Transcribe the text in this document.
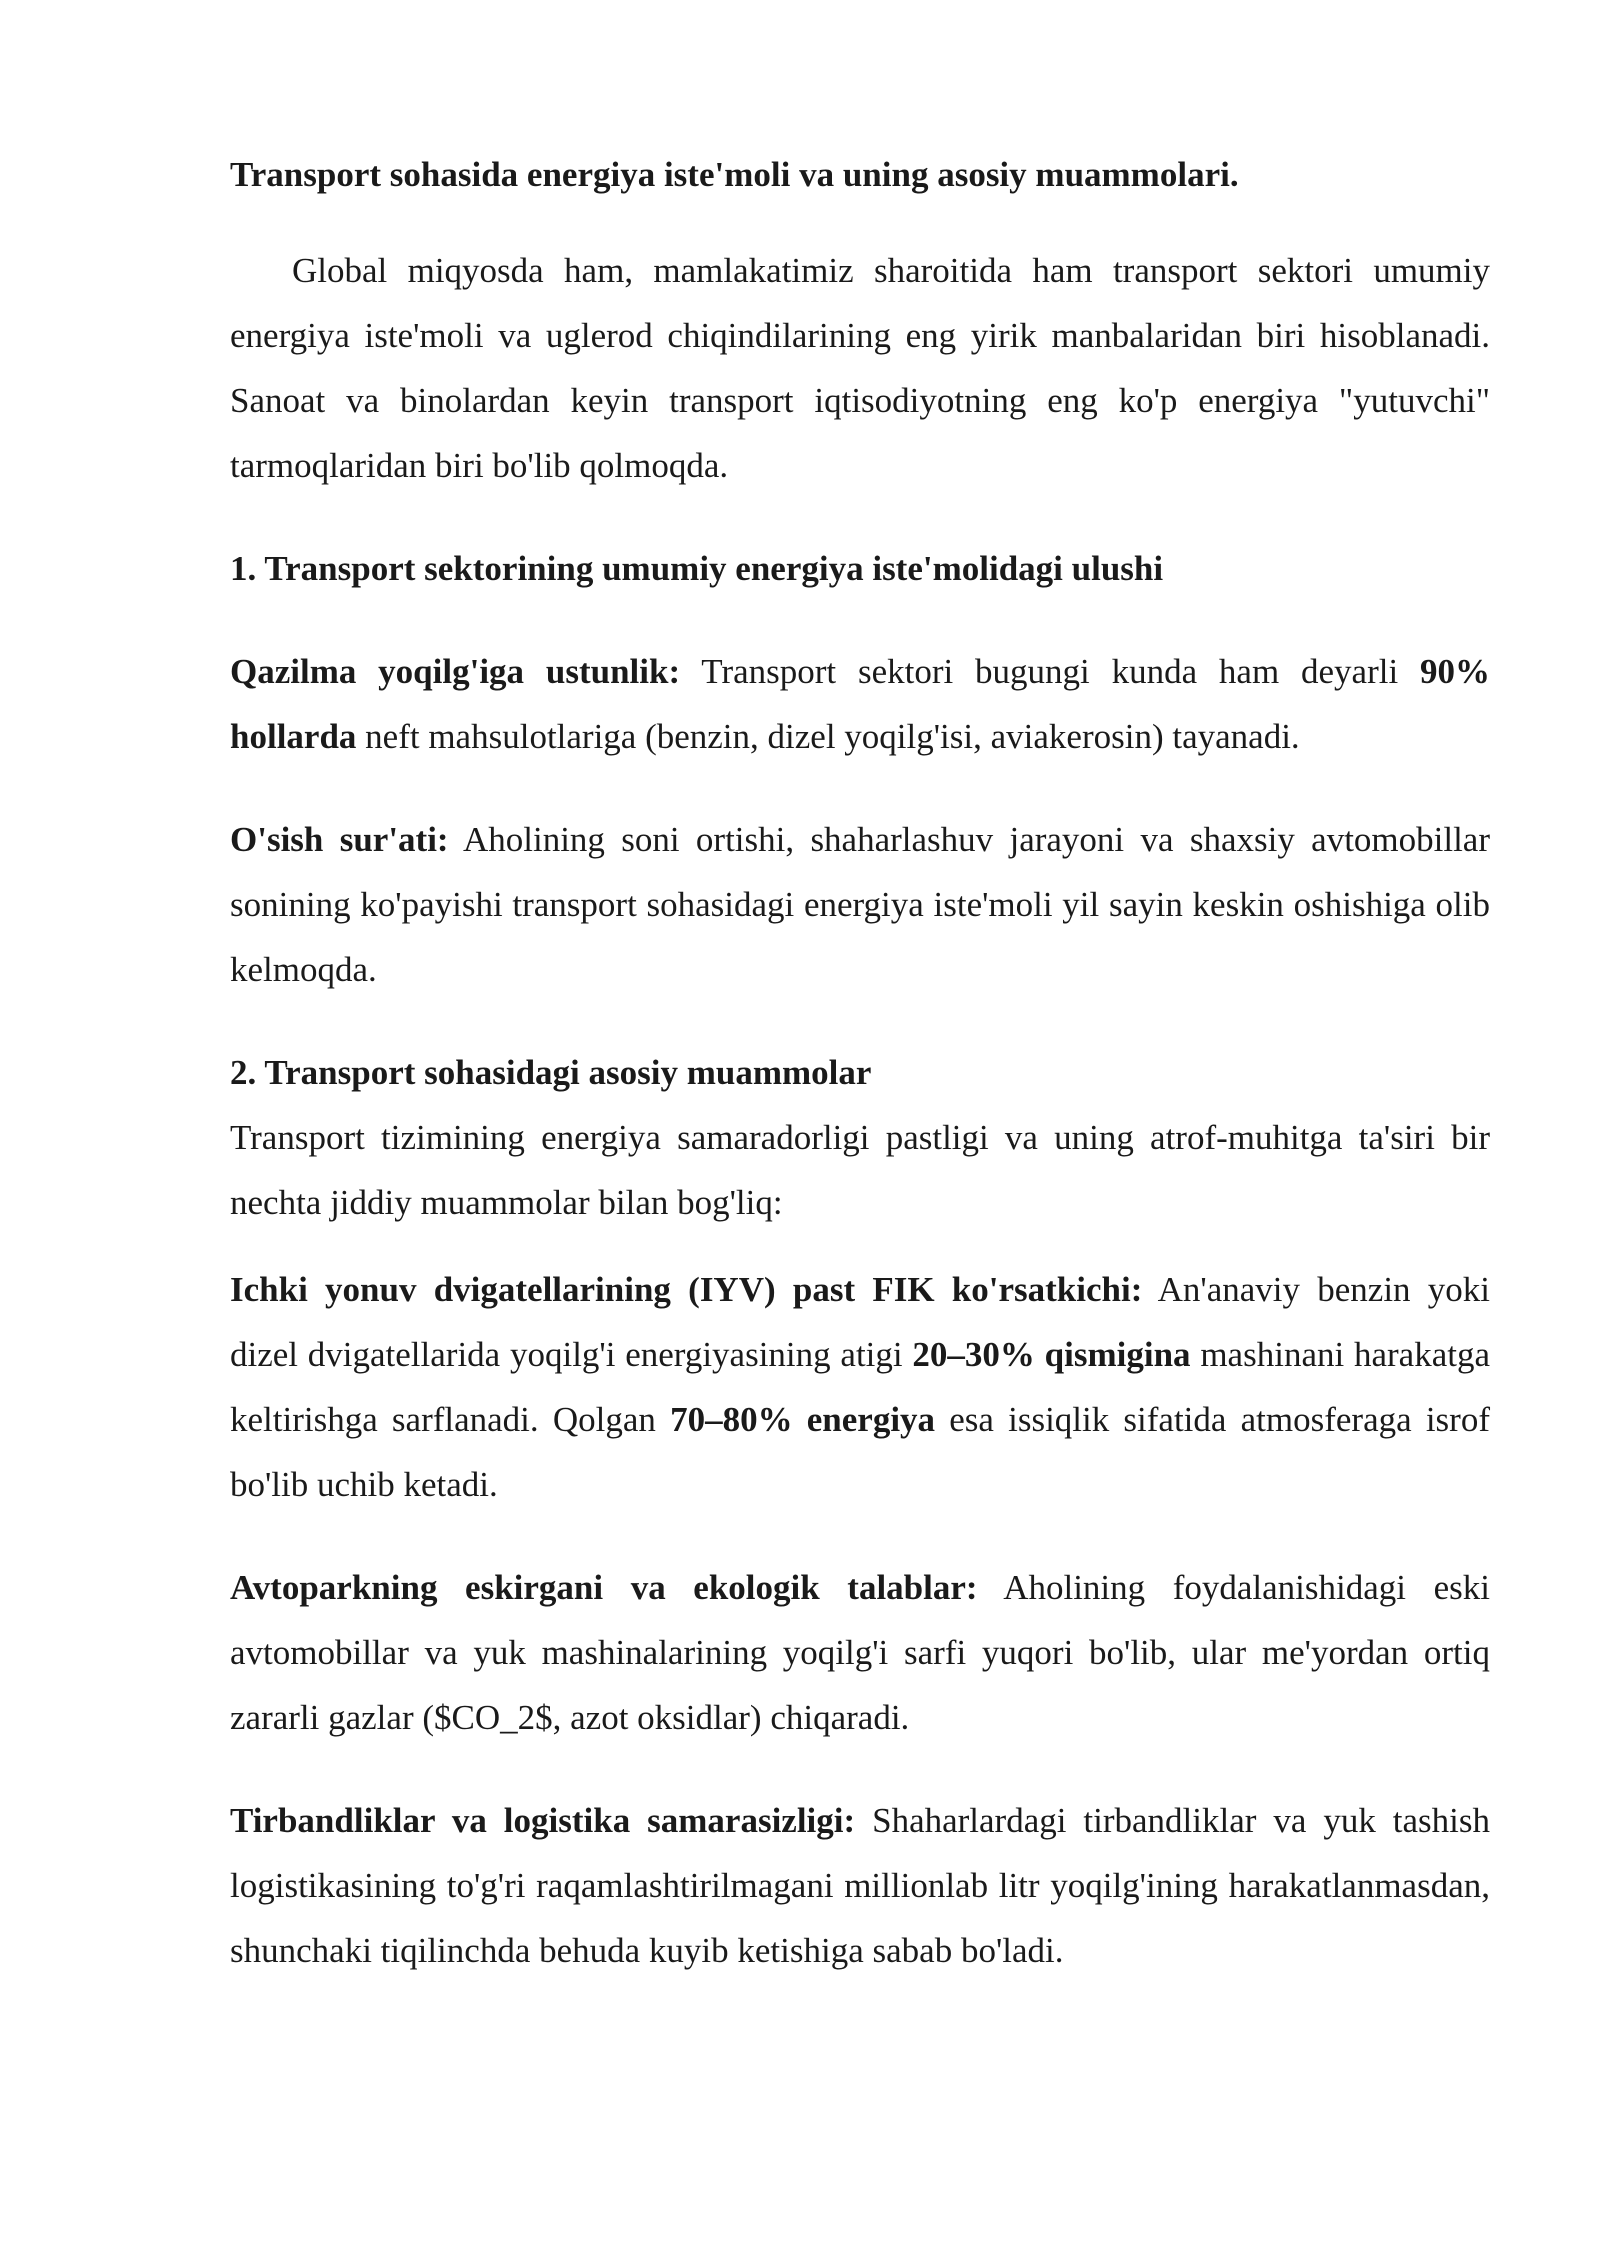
Transport sohasida energiya iste'moli va uning asosiy muammolari.

Global miqyosda ham, mamlakatimiz sharoitida ham transport sektori umumiy energiya iste'moli va uglerod chiqindilarining eng yirik manbalaridan biri hisoblanadi. Sanoat va binolardan keyin transport iqtisodiyotning eng ko'p energiya "yutuvchi" tarmoqlaridan biri bo'lib qolmoqda.

1. Transport sektorining umumiy energiya iste'molidagi ulushi

Qazilma yoqilg'iga ustunlik: Transport sektori bugungi kunda ham deyarli 90% hollarda neft mahsulotlariga (benzin, dizel yoqilg'isi, aviakerosin) tayanadi.

O'sish sur'ati: Aholining soni ortishi, shaharlashuv jarayoni va shaxsiy avtomobillar sonining ko'payishi transport sohasidagi energiya iste'moli yil sayin keskin oshishiga olib kelmoqda.

2. Transport sohasidagi asosiy muammolar

Transport tizimining energiya samaradorligi pastligi va uning atrof-muhitga ta'siri bir nechta jiddiy muammolar bilan bog'liq:

Ichki yonuv dvigatellarining (IYV) past FIK ko'rsatkichi: An'anaviy benzin yoki dizel dvigatellarida yoqilg'i energiyasining atigi 20–30% qismigina mashinani harakatga keltirishga sarflanadi. Qolgan 70–80% energiya esa issiqlik sifatida atmosferaga isrof bo'lib uchib ketadi.

Avtoparkning eskirgani va ekologik talablar: Aholining foydalanishidagi eski avtomobillar va yuk mashinalarining yoqilg'i sarfi yuqori bo'lib, ular me'yordan ortiq zararli gazlar ($CO_2$, azot oksidlar) chiqaradi.

Tirbandliklar va logistika samarasizligi: Shaharlardagi tirbandliklar va yuk tashish logistikasining to'g'ri raqamlashtirilmagani millionlab litr yoqilg'ining harakatlanmasdan, shunchaki tiqilinchda behuda kuyib ketishiga sabab bo'ladi.
